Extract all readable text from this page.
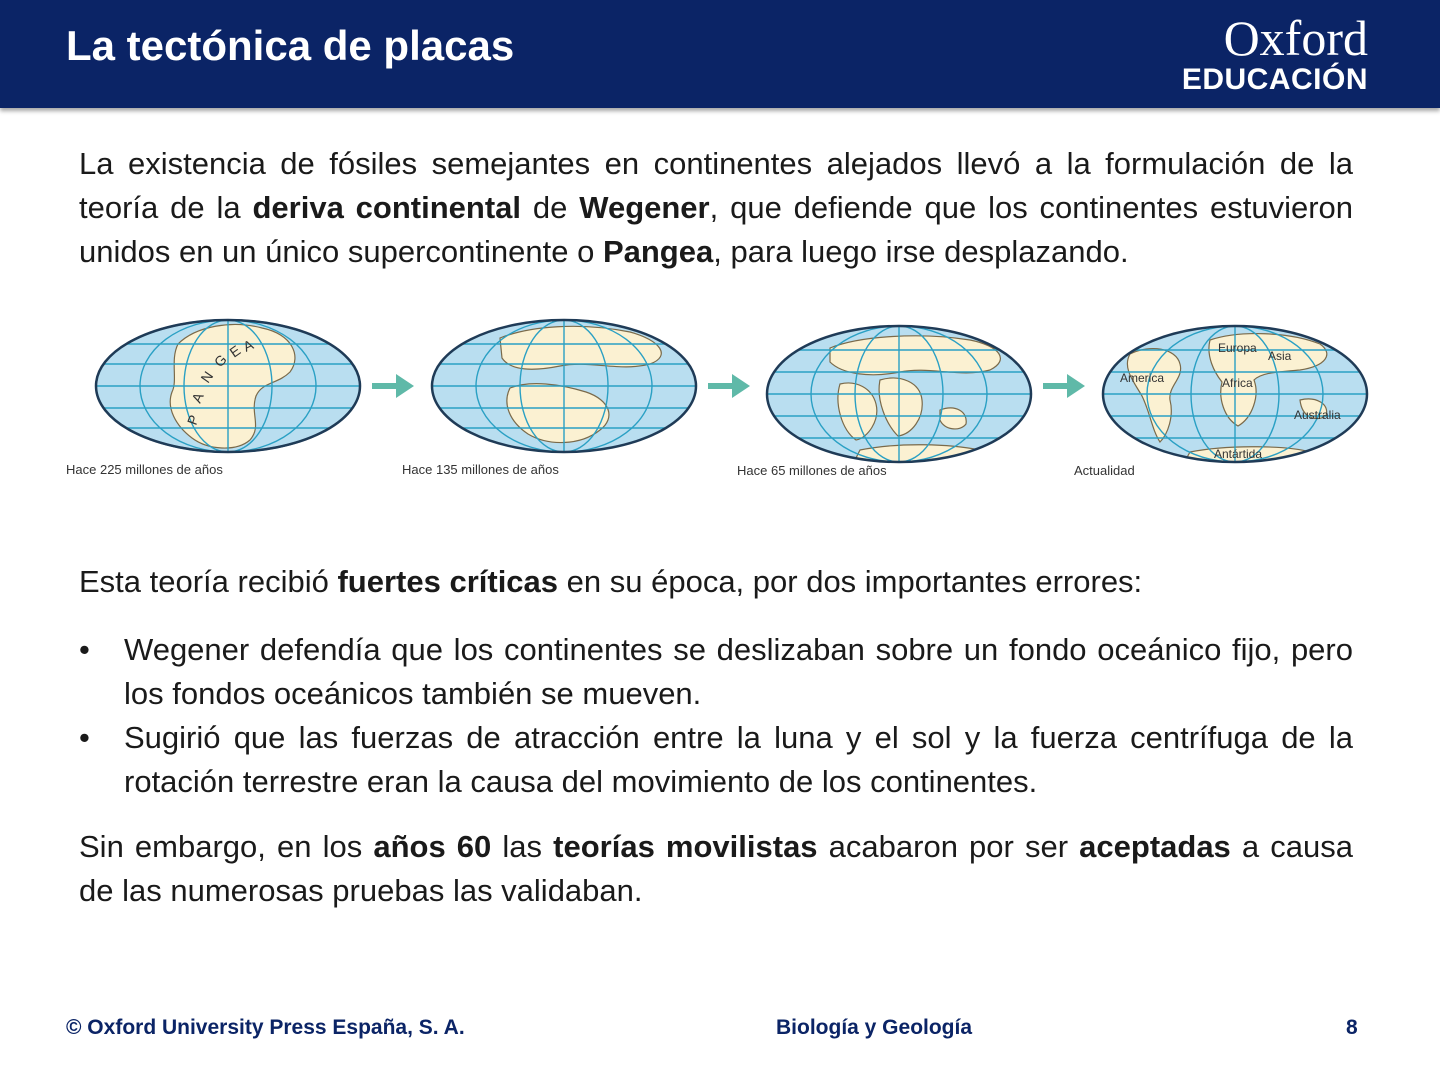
La tectónica de placas	Oxford
EDUCACIÓN

La existencia de fósiles semejantes en continentes alejados llevó a la formulación de la teoría de la deriva continental de Wegener, que defiende que los continentes estuvieron unidos en un único supercontinente o Pangea, para luego irse desplazando.

P
A
N
G
E
A	Europa
Asia
America	Africa
Australia
Antártida
Hace 225 millones de años	Hace 135 millones de años	Hace 65 millones de años	Actualidad

Esta teoría recibió fuertes críticas en su época, por dos importantes errores:

• Wegener defendía que los continentes se deslizaban sobre un fondo oceánico fijo, pero los fondos oceánicos también se mueven.
• Sugirió que las fuerzas de atracción entre la luna y el sol y la fuerza centrífuga de la rotación terrestre eran la causa del movimiento de los continentes.

Sin embargo, en los años 60 las teorías movilistas acabaron por ser aceptadas a causa de las numerosas pruebas las validaban.

© Oxford University Press España, S. A.	Biología y Geología	8
